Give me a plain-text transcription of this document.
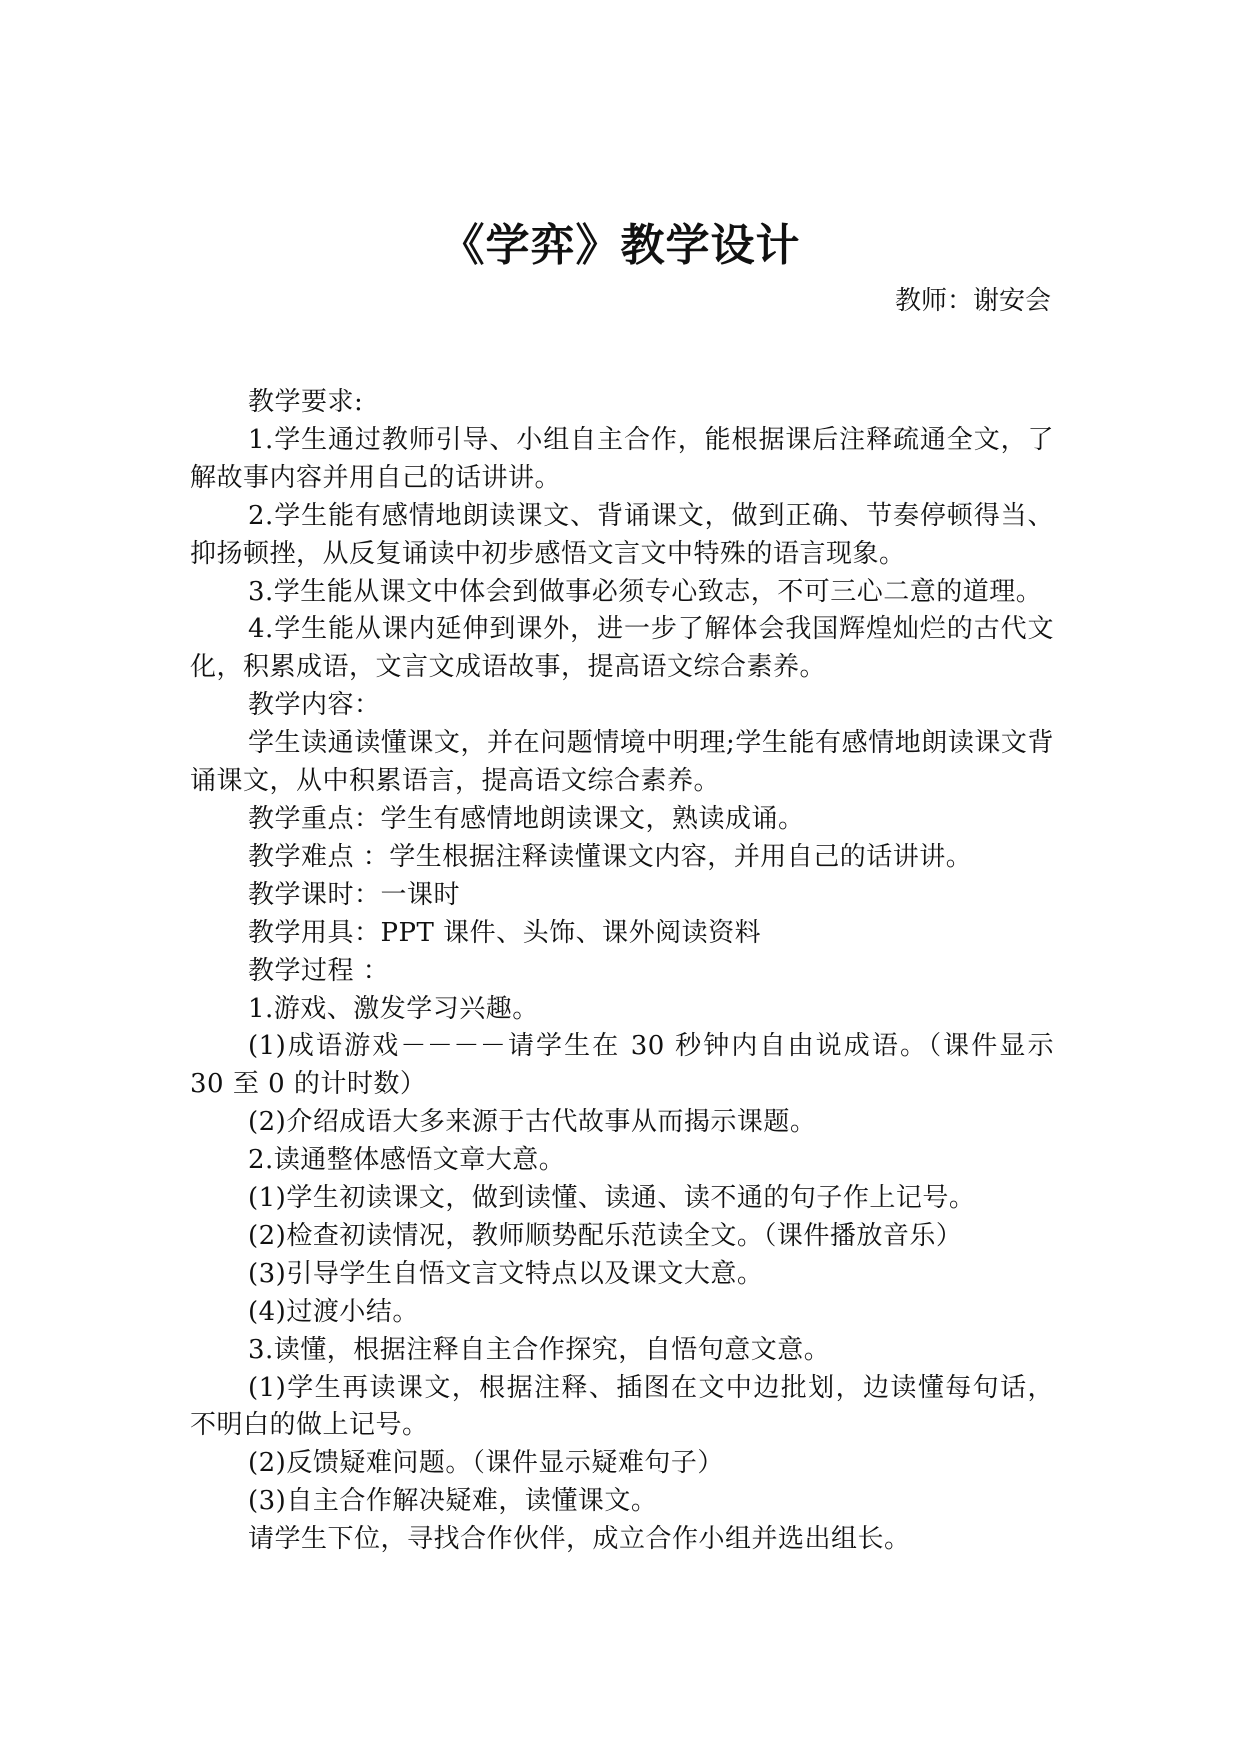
《学弈》教学设计
教师：谢安会

教学要求:

1.学生通过教师引导、小组自主合作，能根据课后注释疏通全文，了解故事内容并用自己的话讲讲。

2.学生能有感情地朗读课文、背诵课文，做到正确、节奏停顿得当、抑扬顿挫，从反复诵读中初步感悟文言文中特殊的语言现象。

3.学生能从课文中体会到做事必须专心致志，不可三心二意的道理。

4.学生能从课内延伸到课外，进一步了解体会我国辉煌灿烂的古代文化，积累成语，文言文成语故事，提高语文综合素养。

教学内容：

学生读通读懂课文，并在问题情境中明理;学生能有感情地朗读课文背诵课文，从中积累语言，提高语文综合素养。

教学重点：学生有感情地朗读课文，熟读成诵。

教学难点 ：学生根据注释读懂课文内容，并用自己的话讲讲。

教学课时：一课时

教学用具：PPT 课件、头饰、课外阅读资料

教学过程 ：

1.游戏、激发学习兴趣。

(1)成语游戏－－－－请学生在 30 秒钟内自由说成语。（课件显示 30 至 0 的计时数）

(2)介绍成语大多来源于古代故事从而揭示课题。

2.读通整体感悟文章大意。

(1)学生初读课文，做到读懂、读通、读不通的句子作上记号。

(2)检查初读情况，教师顺势配乐范读全文。（课件播放音乐）

(3)引导学生自悟文言文特点以及课文大意。

(4)过渡小结。

3.读懂，根据注释自主合作探究，自悟句意文意。

(1)学生再读课文，根据注释、插图在文中边批划，边读懂每句话，不明白的做上记号。

(2)反馈疑难问题。（课件显示疑难句子）

(3)自主合作解决疑难，读懂课文。

请学生下位，寻找合作伙伴，成立合作小组并选出组长。
